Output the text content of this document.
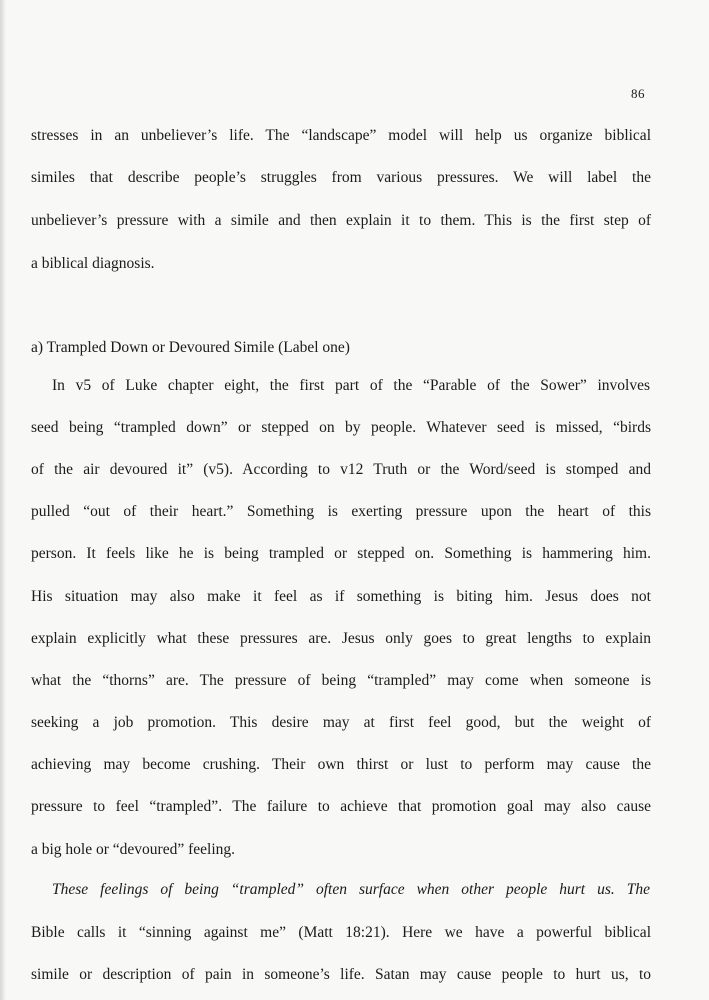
86
stresses in an unbeliever’s life. The “landscape” model will help us organize biblical
similes that describe people’s struggles from various pressures. We will label the
unbeliever’s pressure with a simile and then explain it to them. This is the first step of
a biblical diagnosis.
a) Trampled Down or Devoured Simile (Label one)
In v5 of Luke chapter eight, the first part of the “Parable of the Sower” involves
seed being “trampled down” or stepped on by people. Whatever seed is missed, “birds
of the air devoured it” (v5). According to v12 Truth or the Word/seed is stomped and
pulled “out of their heart.” Something is exerting pressure upon the heart of this
person. It feels like he is being trampled or stepped on. Something is hammering him.
His situation may also make it feel as if something is biting him. Jesus does not
explain explicitly what these pressures are. Jesus only goes to great lengths to explain
what the “thorns” are. The pressure of being “trampled” may come when someone is
seeking a job promotion. This desire may at first feel good, but the weight of
achieving may become crushing. Their own thirst or lust to perform may cause the
pressure to feel “trampled”. The failure to achieve that promotion goal may also cause
a big hole or “devoured” feeling.
These feelings of being “trampled” often surface when other people hurt us. The
Bible calls it “sinning against me” (Matt 18:21). Here we have a powerful biblical
simile or description of pain in someone’s life. Satan may cause people to hurt us, to
